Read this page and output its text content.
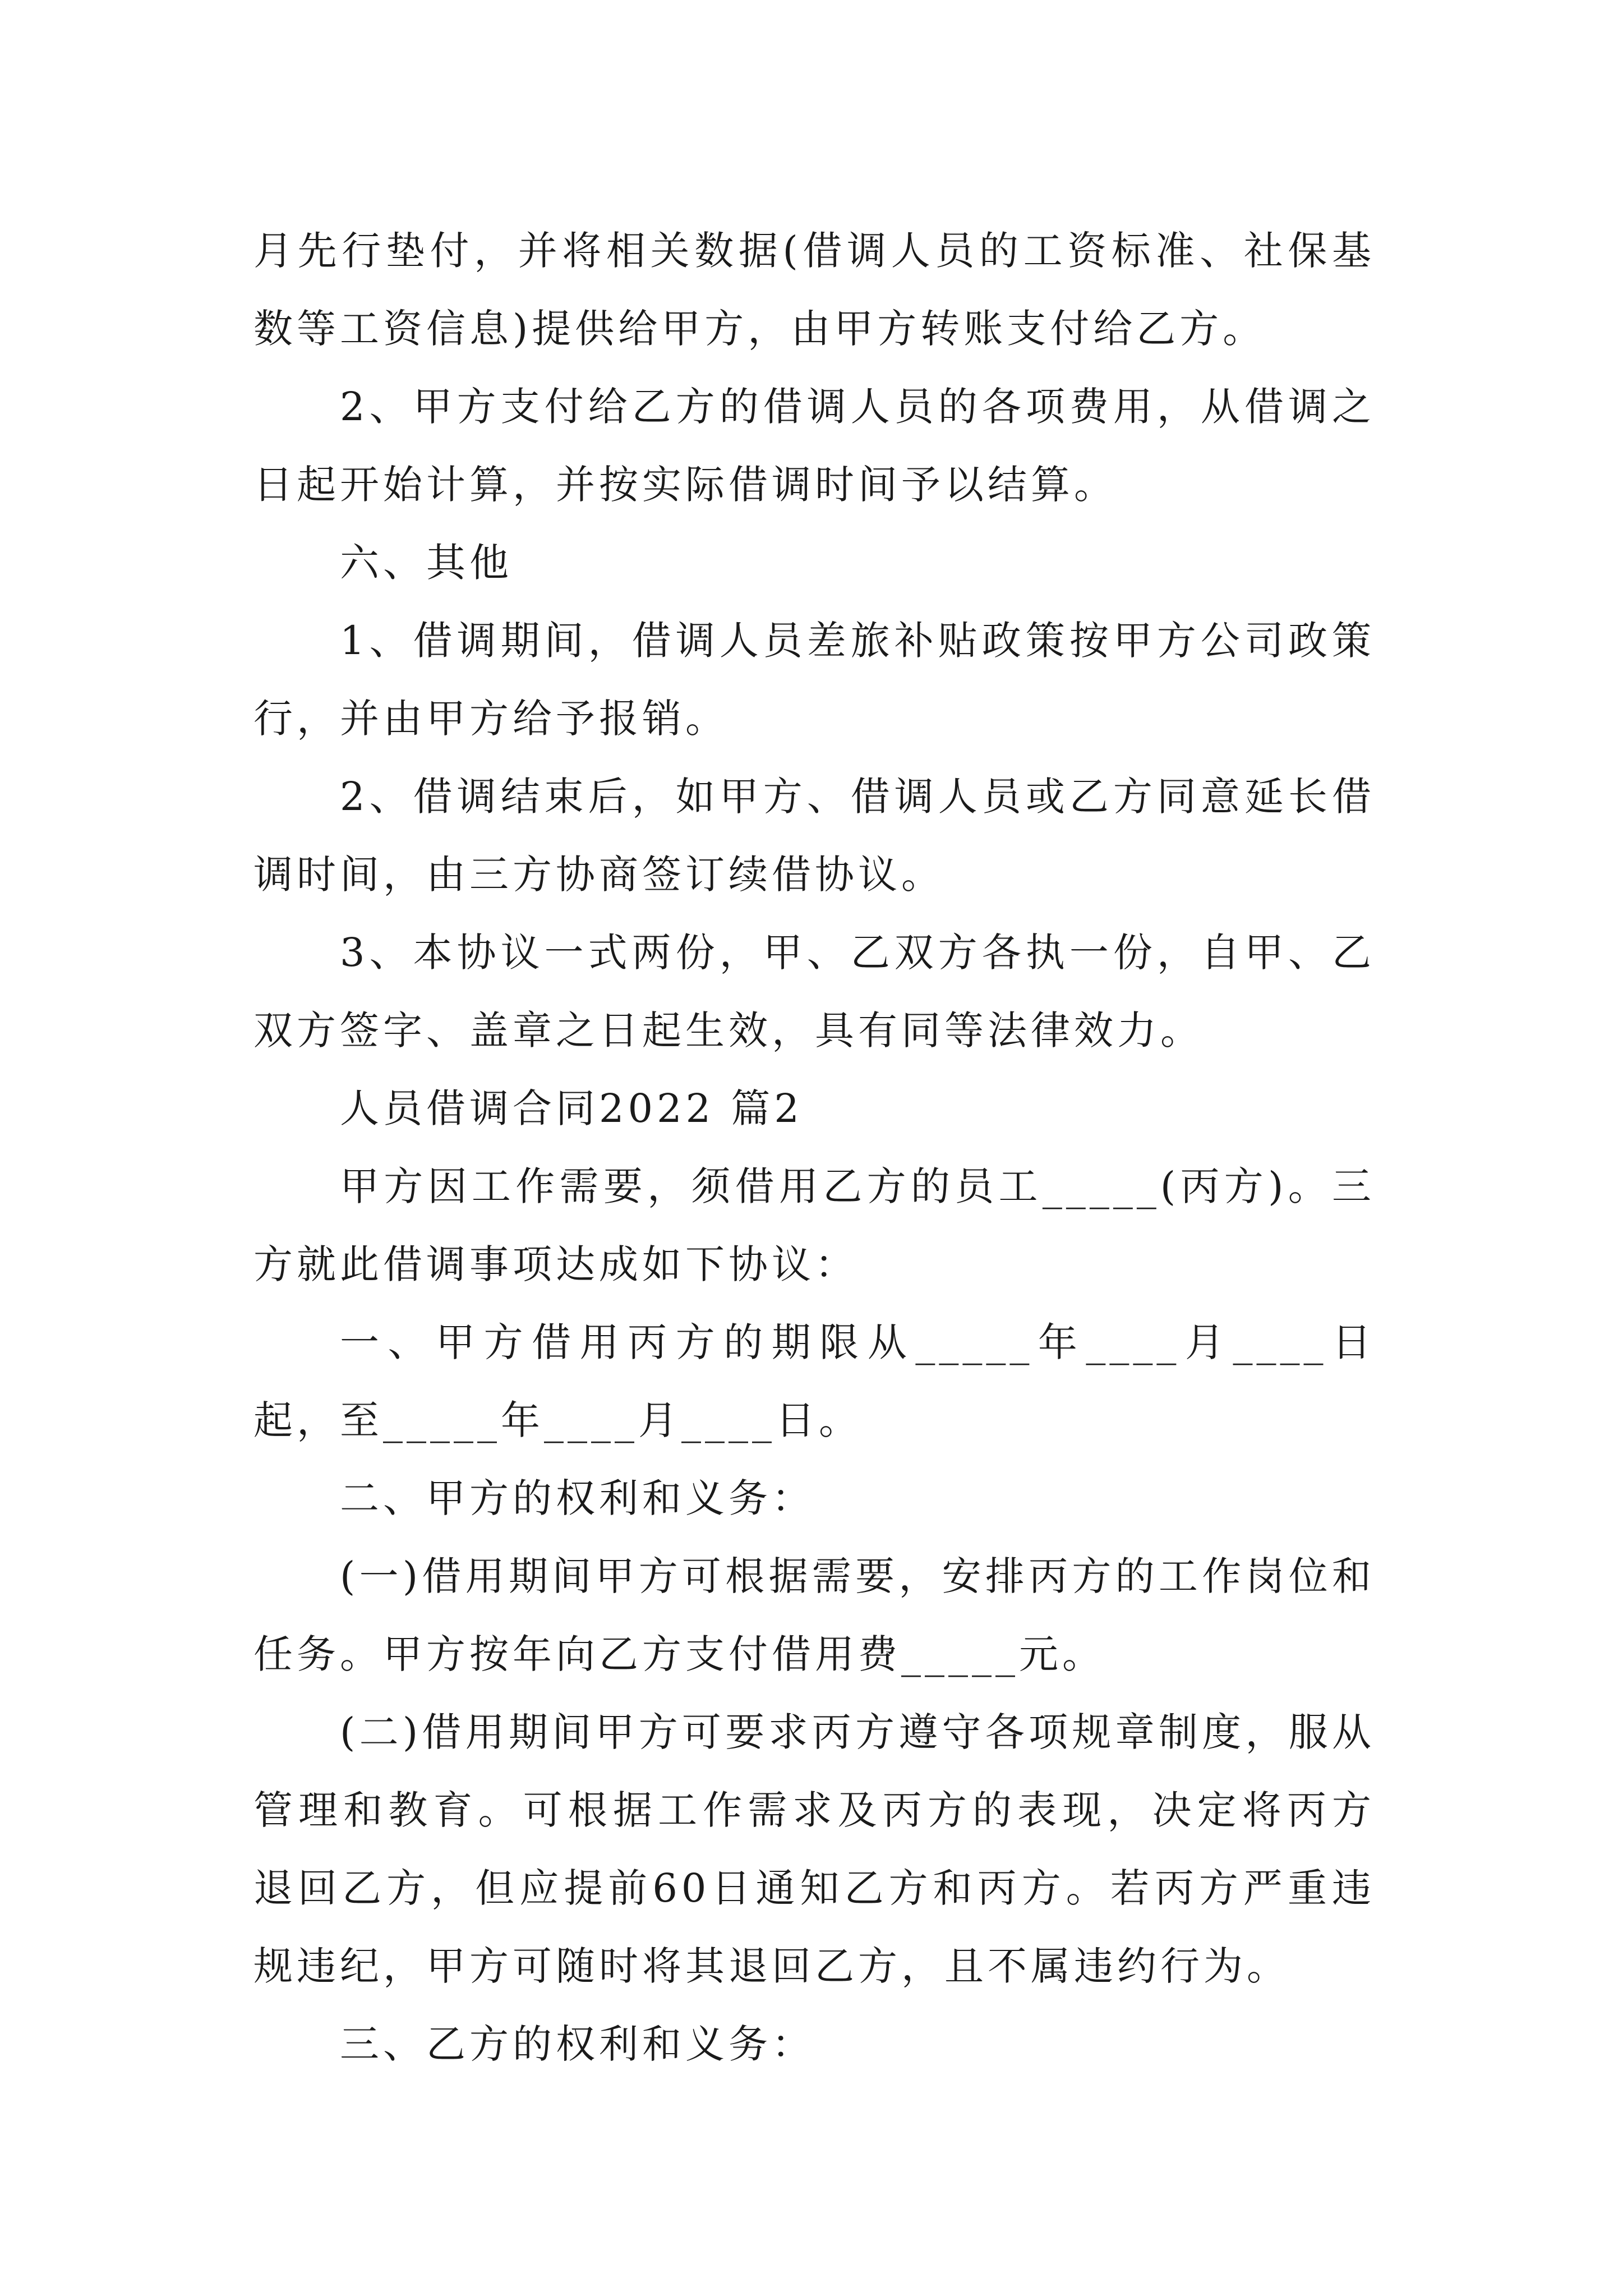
月先行垫付，并将相关数据(借调人员的工资标准、社保基数等工资信息)提供给甲方，由甲方转账支付给乙方。

2、甲方支付给乙方的借调人员的各项费用，从借调之日起开始计算，并按实际借调时间予以结算。

六、其他

1、借调期间，借调人员差旅补贴政策按甲方公司政策行，并由甲方给予报销。

2、借调结束后，如甲方、借调人员或乙方同意延长借调时间，由三方协商签订续借协议。

3、本协议一式两份，甲、乙双方各执一份，自甲、乙双方签字、盖章之日起生效，具有同等法律效力。

人员借调合同2022 篇2

甲方因工作需要，须借用乙方的员工_____(丙方)。三方就此借调事项达成如下协议：

一、甲方借用丙方的期限从_____年____月____日起，至_____年____月____日。

二、甲方的权利和义务：

(一)借用期间甲方可根据需要，安排丙方的工作岗位和任务。甲方按年向乙方支付借用费_____元。

(二)借用期间甲方可要求丙方遵守各项规章制度，服从管理和教育。可根据工作需求及丙方的表现，决定将丙方退回乙方，但应提前60日通知乙方和丙方。若丙方严重违规违纪，甲方可随时将其退回乙方，且不属违约行为。

三、乙方的权利和义务：
